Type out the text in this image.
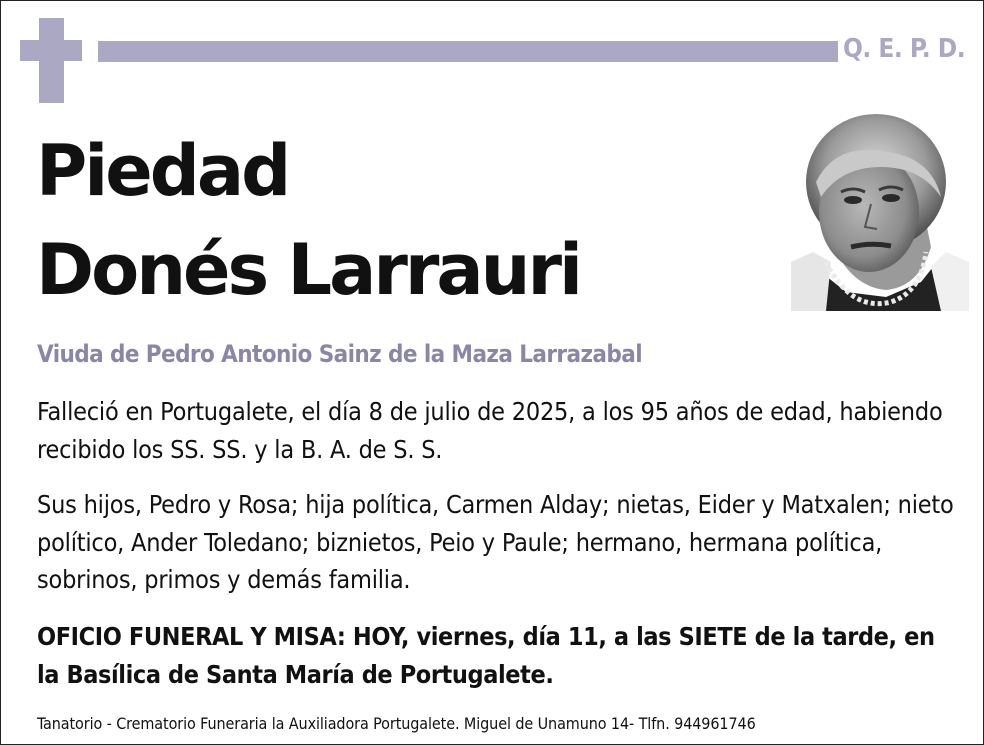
Q. E. P. D.
Piedad
Donés Larrauri
Viuda de Pedro Antonio Sainz de la Maza Larrazabal
Falleció en Portugalete, el día 8 de julio de 2025, a los 95 años de edad, habiendo recibido los SS. SS. y la B. A. de S. S.
Sus hijos, Pedro y Rosa; hija política, Carmen Alday; nietas, Eider y Matxalen; nieto político, Ander Toledano; biznietos, Peio y Paule; hermano, hermana política, sobrinos, primos y demás familia.
OFICIO FUNERAL Y MISA: HOY, viernes, día 11, a las SIETE de la tarde, en la Basílica de Santa María de Portugalete.
Tanatorio - Crematorio Funeraria la Auxiliadora Portugalete. Miguel de Unamuno 14- Tlfn. 944961746
